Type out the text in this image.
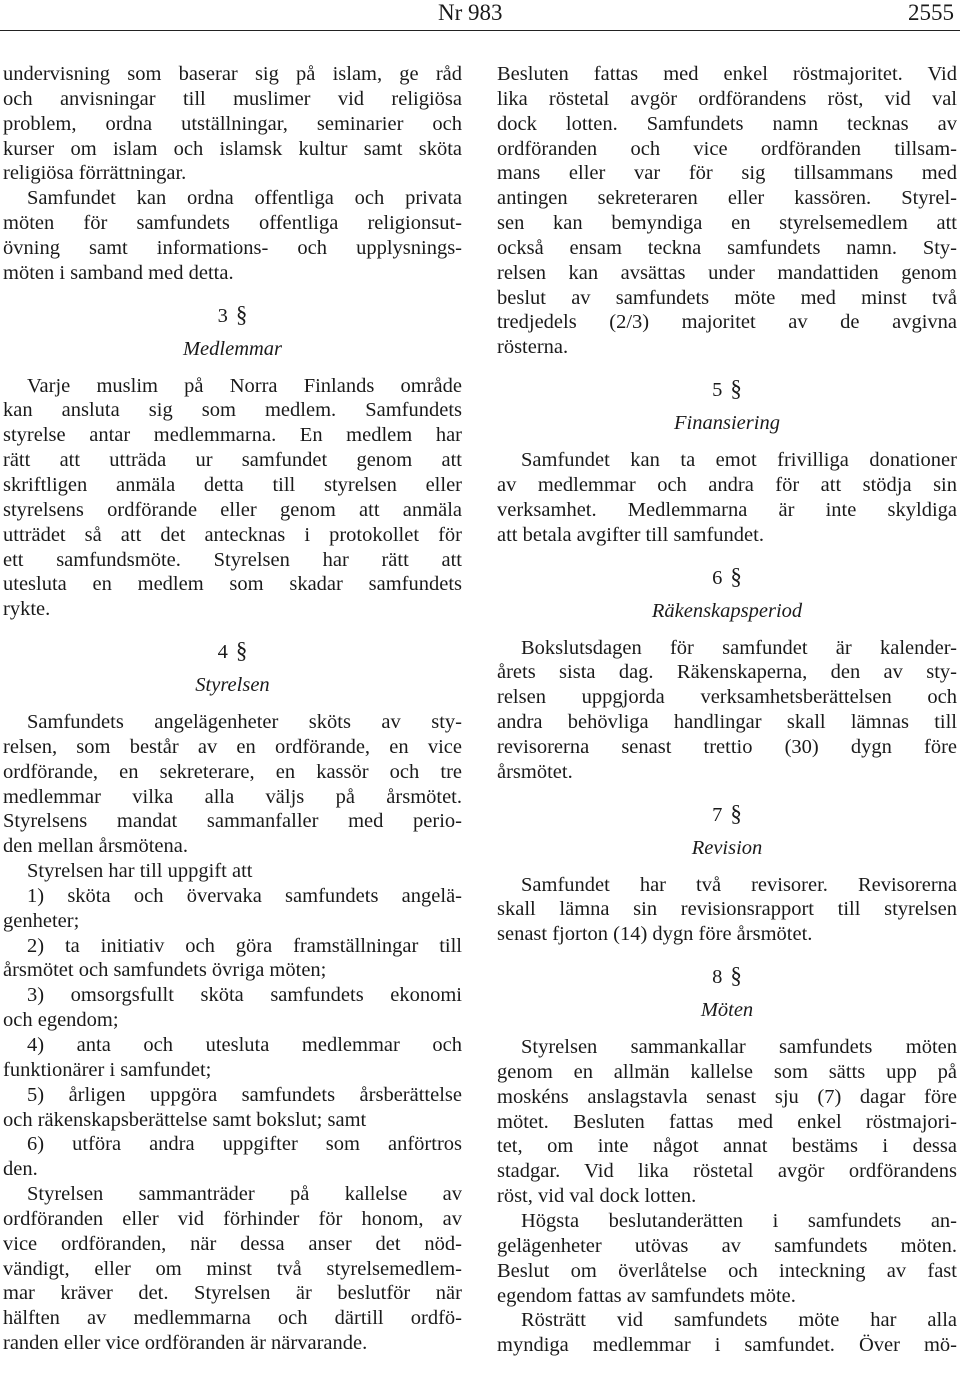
Nr 983	2555
undervisning som baserar sig på islam, ge råd
och anvisningar till muslimer vid religiösa
problem, ordna utställningar, seminarier och
kurser om islam och islamsk kultur samt sköta
religiösa förrättningar.
Samfundet kan ordna offentliga och privata
möten för samfundets offentliga religionsut-
övning samt informations- och upplysnings-
möten i samband med detta.
3 §
Medlemmar
Varje muslim på Norra Finlands område
kan ansluta sig som medlem. Samfundets
styrelse antar medlemmarna. En medlem har
rätt att utträda ur samfundet genom att
skriftligen anmäla detta till styrelsen eller
styrelsens ordförande eller genom att anmäla
utträdet så att det antecknas i protokollet för
ett samfundsmöte. Styrelsen har rätt att
utesluta en medlem som skadar samfundets
rykte.
4 §
Styrelsen
Samfundets angelägenheter sköts av sty-
relsen, som består av en ordförande, en vice
ordförande, en sekreterare, en kassör och tre
medlemmar vilka alla väljs på årsmötet.
Styrelsens mandat sammanfaller med perio-
den mellan årsmötena.
Styrelsen har till uppgift att
1) sköta och övervaka samfundets angelä-
genheter;
2) ta initiativ och göra framställningar till
årsmötet och samfundets övriga möten;
3) omsorgsfullt sköta samfundets ekonomi
och egendom;
4) anta och utesluta medlemmar och
funktionärer i samfundet;
5) årligen uppgöra samfundets årsberättelse
och räkenskapsberättelse samt bokslut; samt
6) utföra andra uppgifter som anförtros
den.
Styrelsen sammanträder på kallelse av
ordföranden eller vid förhinder för honom, av
vice ordföranden, när dessa anser det nöd-
vändigt, eller om minst två styrelsemedlem-
mar kräver det. Styrelsen är beslutför när
hälften av medlemmarna och därtill ordfö-
randen eller vice ordföranden är närvarande.
Besluten fattas med enkel röstmajoritet. Vid
lika röstetal avgör ordförandens röst, vid val
dock lotten. Samfundets namn tecknas av
ordföranden och vice ordföranden tillsam-
mans eller var för sig tillsammans med
antingen sekreteraren eller kassören. Styrel-
sen kan bemyndiga en styrelsemedlem att
också ensam teckna samfundets namn. Sty-
relsen kan avsättas under mandattiden genom
beslut av samfundets möte med minst två
tredjedels (2/3) majoritet av de avgivna
rösterna.
5 §
Finansiering
Samfundet kan ta emot frivilliga donationer
av medlemmar och andra för att stödja sin
verksamhet. Medlemmarna är inte skyldiga
att betala avgifter till samfundet.
6 §
Räkenskapsperiod
Bokslutsdagen för samfundet är kalender-
årets sista dag. Räkenskaperna, den av sty-
relsen uppgjorda verksamhetsberättelsen och
andra behövliga handlingar skall lämnas till
revisorerna senast trettio (30) dygn före
årsmötet.
7 §
Revision
Samfundet har två revisorer. Revisorerna
skall lämna sin revisionsrapport till styrelsen
senast fjorton (14) dygn före årsmötet.
8 §
Möten
Styrelsen sammankallar samfundets möten
genom en allmän kallelse som sätts upp på
moskéns anslagstavla senast sju (7) dagar före
mötet. Besluten fattas med enkel röstmajori-
tet, om inte något annat bestäms i dessa
stadgar. Vid lika röstetal avgör ordförandens
röst, vid val dock lotten.
Högsta beslutanderätten i samfundets an-
gelägenheter utövas av samfundets möten.
Beslut om överlåtelse och inteckning av fast
egendom fattas av samfundets möte.
Rösträtt vid samfundets möte har alla
myndiga medlemmar i samfundet. Över mö-
